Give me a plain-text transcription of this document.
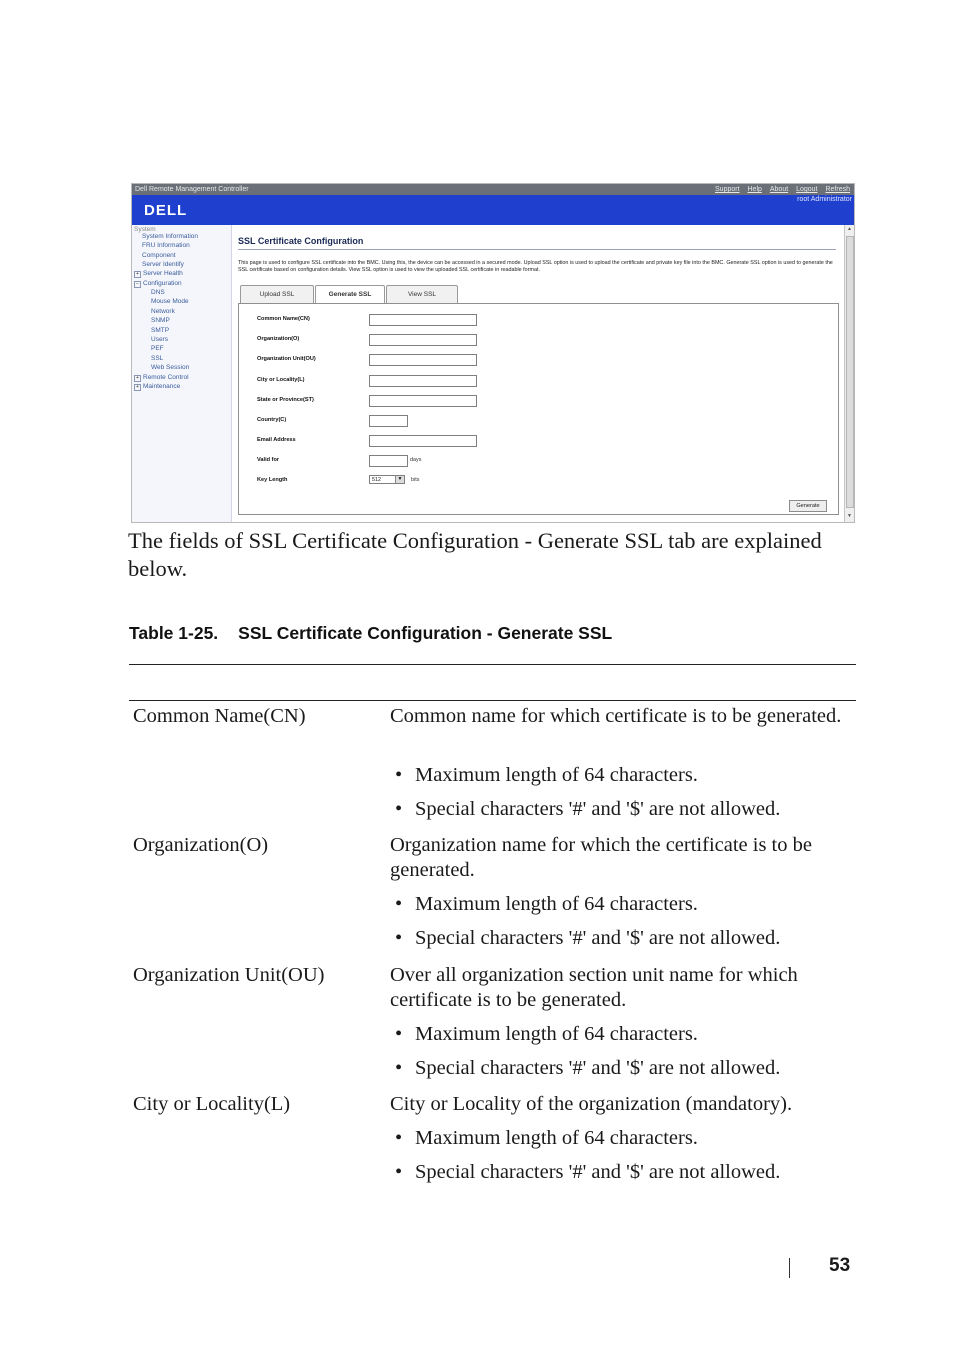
Dell Remote Management Controller	Support Help About Logout Refresh
DELL
root Administrator
System
System Information
FRU Information
Component
Server Identify
+ Server Health
− Configuration
DNS
Mouse Mode
Network
SNMP
SMTP
Users
PEF
SSL
Web Session
+ Remote Control
+ Maintenance
SSL Certificate Configuration
This page is used to configure SSL certificate into the BMC. Using this, the device can be accessed in a secured mode. Upload SSL option is used to upload the certificate and private key file into the BMC. Generate SSL option is used to generate the SSL certificate based on configuration details. View SSL option is used to view the uploaded SSL certificate in readable format.
Upload SSL	Generate SSL	View SSL
Common Name(CN)
Organization(O)
Organization Unit(OU)
City or Locality(L)
State or Province(ST)
Country(C)
Email Address
Valid for	days
Key Length	512	▼ bits
Generate
▲
▼
The fields of SSL Certificate Configuration - Generate SSL tab are explained below.
Table 1-25. SSL Certificate Configuration - Generate SSL
Common Name(CN)	Common name for which certificate is to be generated.
• Maximum length of 64 characters.
• Special characters '#' and '$' are not allowed.
Organization(O)	Organization name for which the certificate is to be generated.
• Maximum length of 64 characters.
• Special characters '#' and '$' are not allowed.
Organization Unit(OU)	Over all organization section unit name for which certificate is to be generated.
• Maximum length of 64 characters.
• Special characters '#' and '$' are not allowed.
City or Locality(L)	City or Locality of the organization (mandatory).
• Maximum length of 64 characters.
• Special characters '#' and '$' are not allowed.
53
